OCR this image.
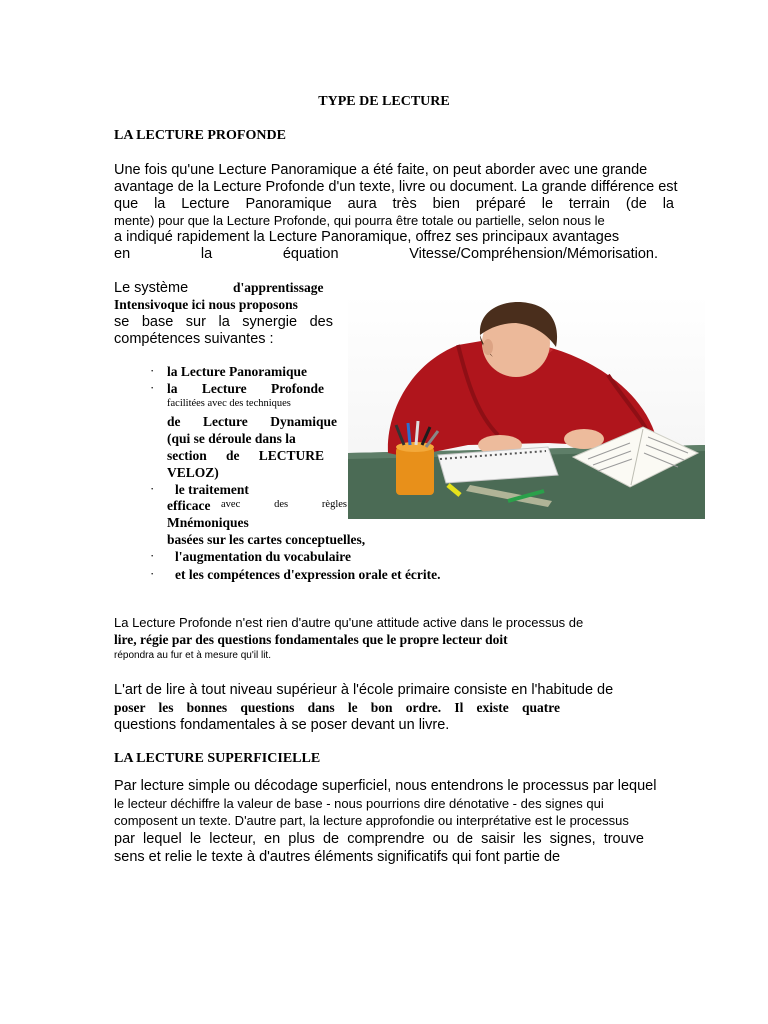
TYPE DE LECTURE
LA LECTURE PROFONDE
Une fois qu'une Lecture Panoramique a été faite, on peut aborder avec une grande
avantage de la Lecture Profonde d'un texte, livre ou document. La grande différence est
que la Lecture Panoramique aura très bien préparé le terrain (de la
mente) pour que la Lecture Profonde, qui pourra être totale ou partielle, selon nous le
a indiqué rapidement la Lecture Panoramique, offrez ses principaux avantages
en la équation Vitesse/Compréhension/Mémorisation.
Le système	d'apprentissage
Intensivoque ici nous proposons
se base sur la synergie des
compétences suivantes :
· la Lecture Panoramique
· la Lecture Profonde
facilitées avec des techniques
de Lecture Dynamique
(qui se déroule dans la
section de LECTURE
VELOZ)
· le traitement
efficace avec des règles
Mnémoniques
basées sur les cartes conceptuelles,
· l'augmentation du vocabulaire
· et les compétences d'expression orale et écrite.
La Lecture Profonde n'est rien d'autre qu'une attitude active dans le processus de
lire, régie par des questions fondamentales que le propre lecteur doit
répondra au fur et à mesure qu'il lit.
L'art de lire à tout niveau supérieur à l'école primaire consiste en l'habitude de
poser les bonnes questions dans le bon ordre. Il existe quatre
questions fondamentales à se poser devant un livre.
LA LECTURE SUPERFICIELLE
Par lecture simple ou décodage superficiel, nous entendrons le processus par lequel
le lecteur déchiffre la valeur de base - nous pourrions dire dénotative - des signes qui
composent un texte. D'autre part, la lecture approfondie ou interprétative est le processus
par lequel le lecteur, en plus de comprendre ou de saisir les signes, trouve
sens et relie le texte à d'autres éléments significatifs qui font partie de
